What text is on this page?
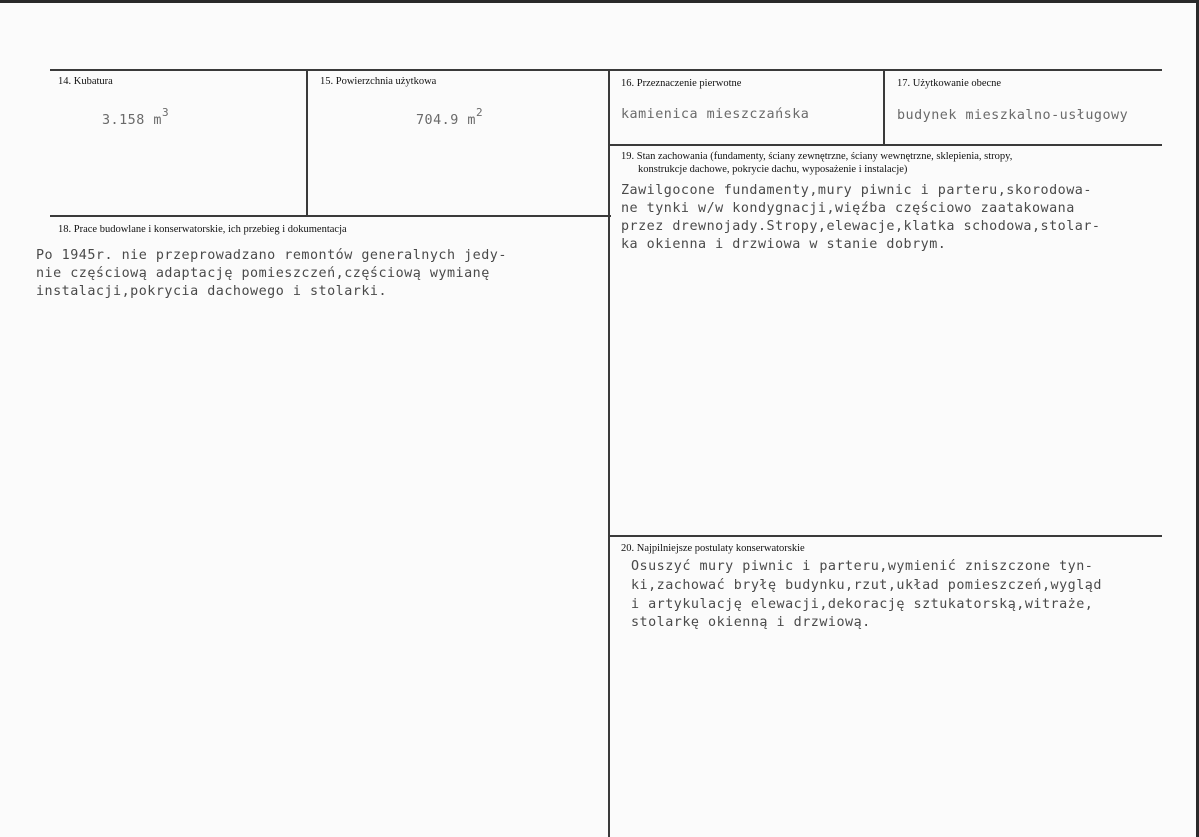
14. Kubatura
3.158 $m^3$
15. Powierzchnia użytkowa
704.9 $m^2$
16. Przeznaczenie pierwotne
kamienica mieszczańska
17. Użytkowanie obecne
budynek mieszkalno-usługowy
19. Stan zachowania (fundamenty, ściany zewnętrzne, ściany wewnętrzne, sklepienia, stropy,
konstrukcje dachowe, pokrycie dachu, wyposażenie i instalacje)
Zawilgocone fundamenty,mury piwnic i parteru,skorodowa-
ne tynki w/w kondygnacji,więźba częściowo zaatakowana
przez drewnojady.Stropy,elewacje,klatka schodowa,stolar-
ka okienna i drzwiowa w stanie dobrym.
18. Prace budowlane i konserwatorskie, ich przebieg i dokumentacja
Po 1945r. nie przeprowadzano remontów generalnych jedy-
nie częściową adaptację pomieszczeń,częściową wymianę
instalacji,pokrycia dachowego i stolarki.
20. Najpilniejsze postulaty konserwatorskie
Osuszyć mury piwnic i parteru,wymienić zniszczone tyn-
ki,zachować bryłę budynku,rzut,układ pomieszczeń,wygląd
i artykulację elewacji,dekorację sztukatorską,witraże,
stolarkę okienną i drzwiową.
